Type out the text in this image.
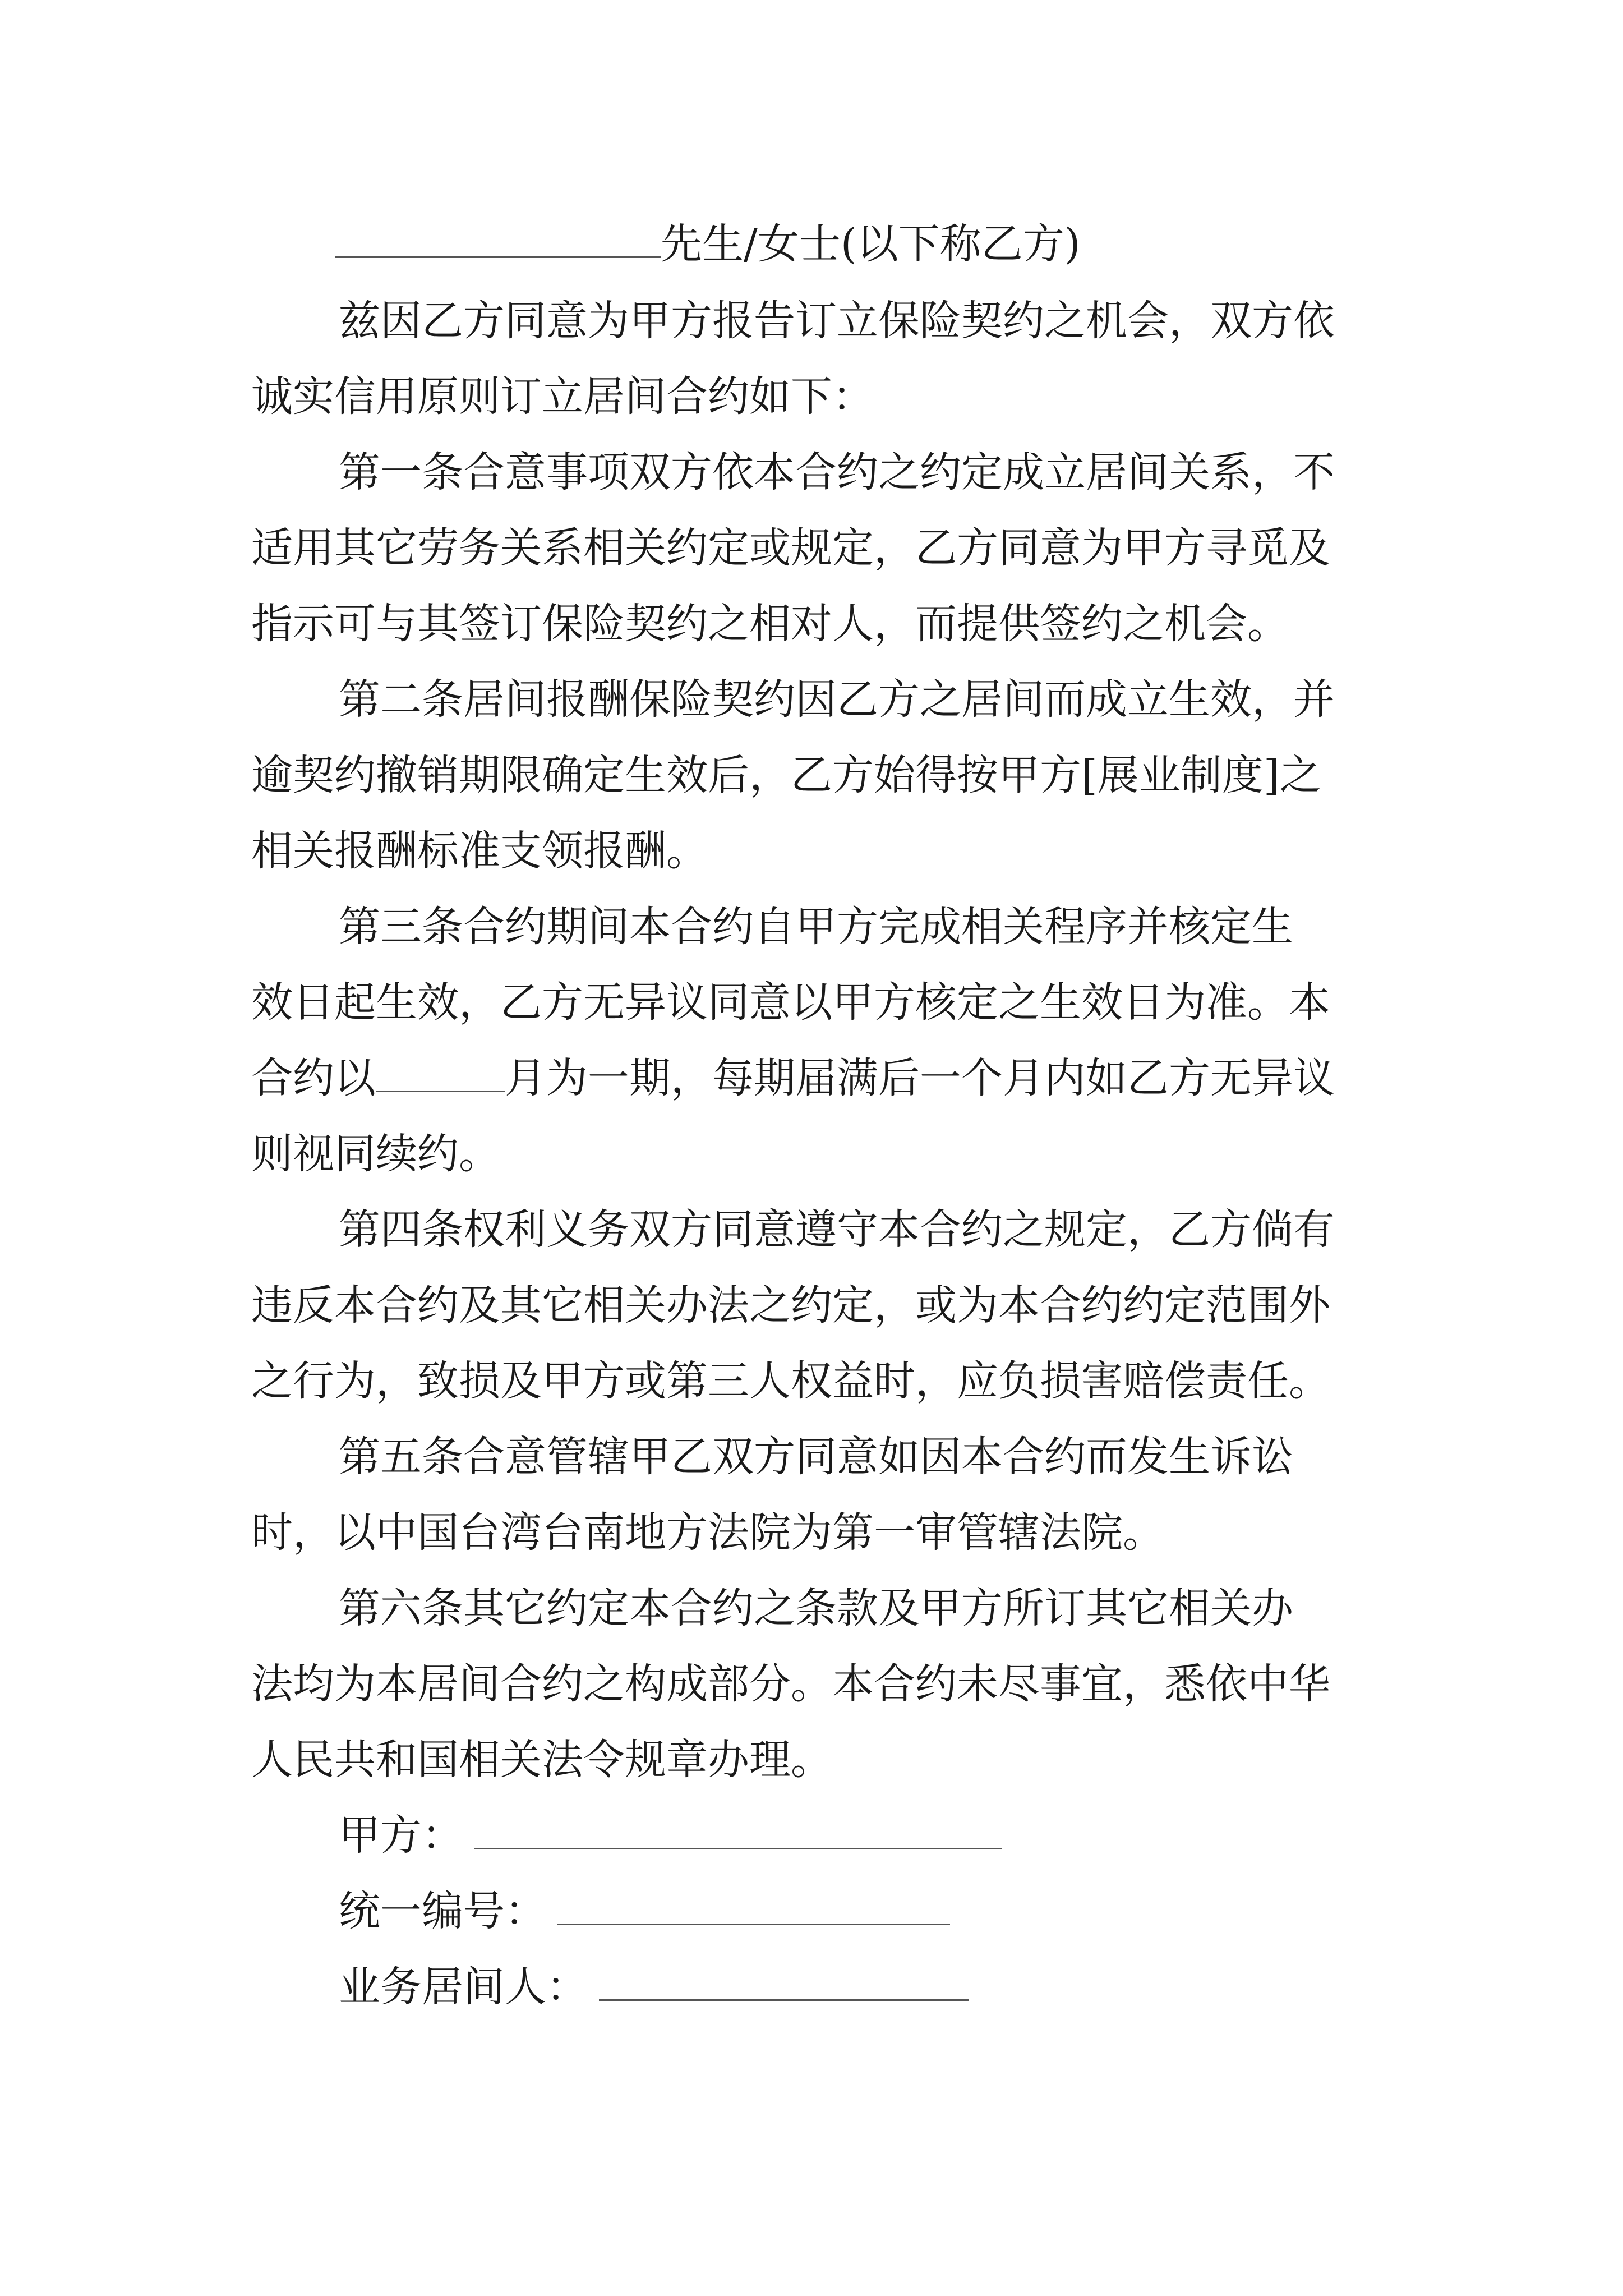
先生/女士(以下称乙方)
兹因乙方同意为甲方报告订立保险契约之机会，双方依
诚实信用原则订立居间合约如下：
第一条合意事项双方依本合约之约定成立居间关系，不
适用其它劳务关系相关约定或规定，乙方同意为甲方寻觅及
指示可与其签订保险契约之相对人，而提供签约之机会。
第二条居间报酬保险契约因乙方之居间而成立生效，并
逾契约撤销期限确定生效后，乙方始得按甲方[展业制度]之
相关报酬标准支领报酬。
第三条合约期间本合约自甲方完成相关程序并核定生
效日起生效，乙方无异议同意以甲方核定之生效日为准。本
合约以	月为一期，每期届满后一个月内如乙方无异议
则视同续约。
第四条权利义务双方同意遵守本合约之规定，乙方倘有
违反本合约及其它相关办法之约定，或为本合约约定范围外
之行为，致损及甲方或第三人权益时，应负损害赔偿责任。
第五条合意管辖甲乙双方同意如因本合约而发生诉讼
时，以中国台湾台南地方法院为第一审管辖法院。
第六条其它约定本合约之条款及甲方所订其它相关办
法均为本居间合约之构成部分。本合约未尽事宜，悉依中华
人民共和国相关法令规章办理。
甲方：
统一编号：
业务居间人：
